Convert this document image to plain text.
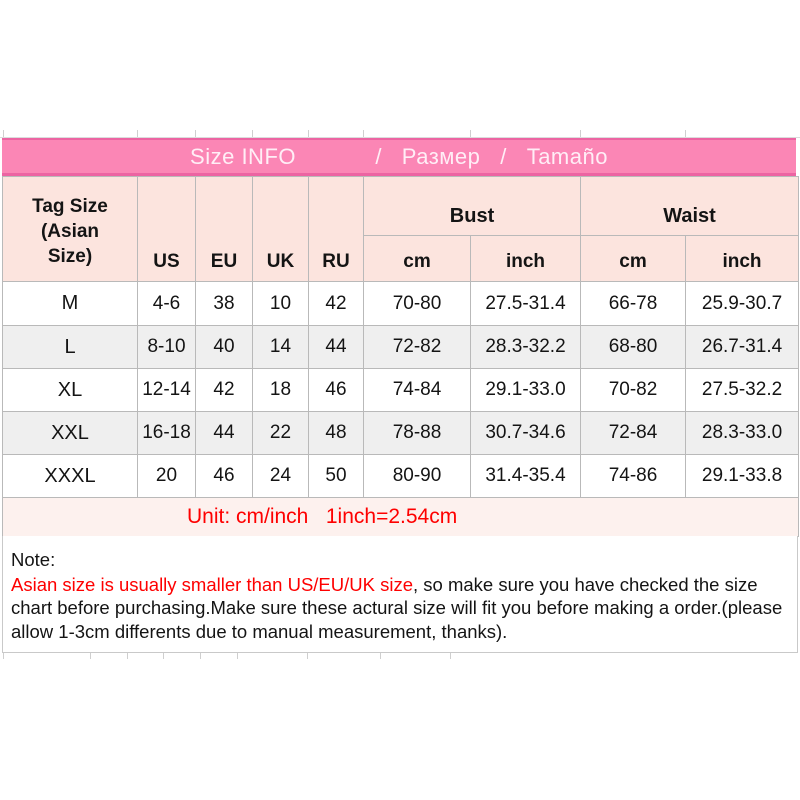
Size INFO            /   Размер   /   Tamaño
Tag Size
(Asian
Size)	US	EU	UK	RU	Bust		Waist	
					cm	inch	cm	inch
M	4-6	38	10	42	70-80	27.5-31.4	66-78	25.9-30.7
L	8-10	40	14	44	72-82	28.3-32.2	68-80	26.7-31.4
XL	12-14	42	18	46	74-84	29.1-33.0	70-82	27.5-32.2
XXL	16-18	44	22	48	78-88	30.7-34.6	72-84	28.3-33.0
XXXL	20	46	24	50	80-90	31.4-35.4	74-86	29.1-33.8
Unit: cm/inch   1inch=2.54cm								

Note:

Asian size is usually smaller than US/EU/UK size, so make sure you have checked the size chart before purchasing.Make sure these actural size will fit you before making a order.(please allow 1-3cm differents due to manual measurement, thanks).
